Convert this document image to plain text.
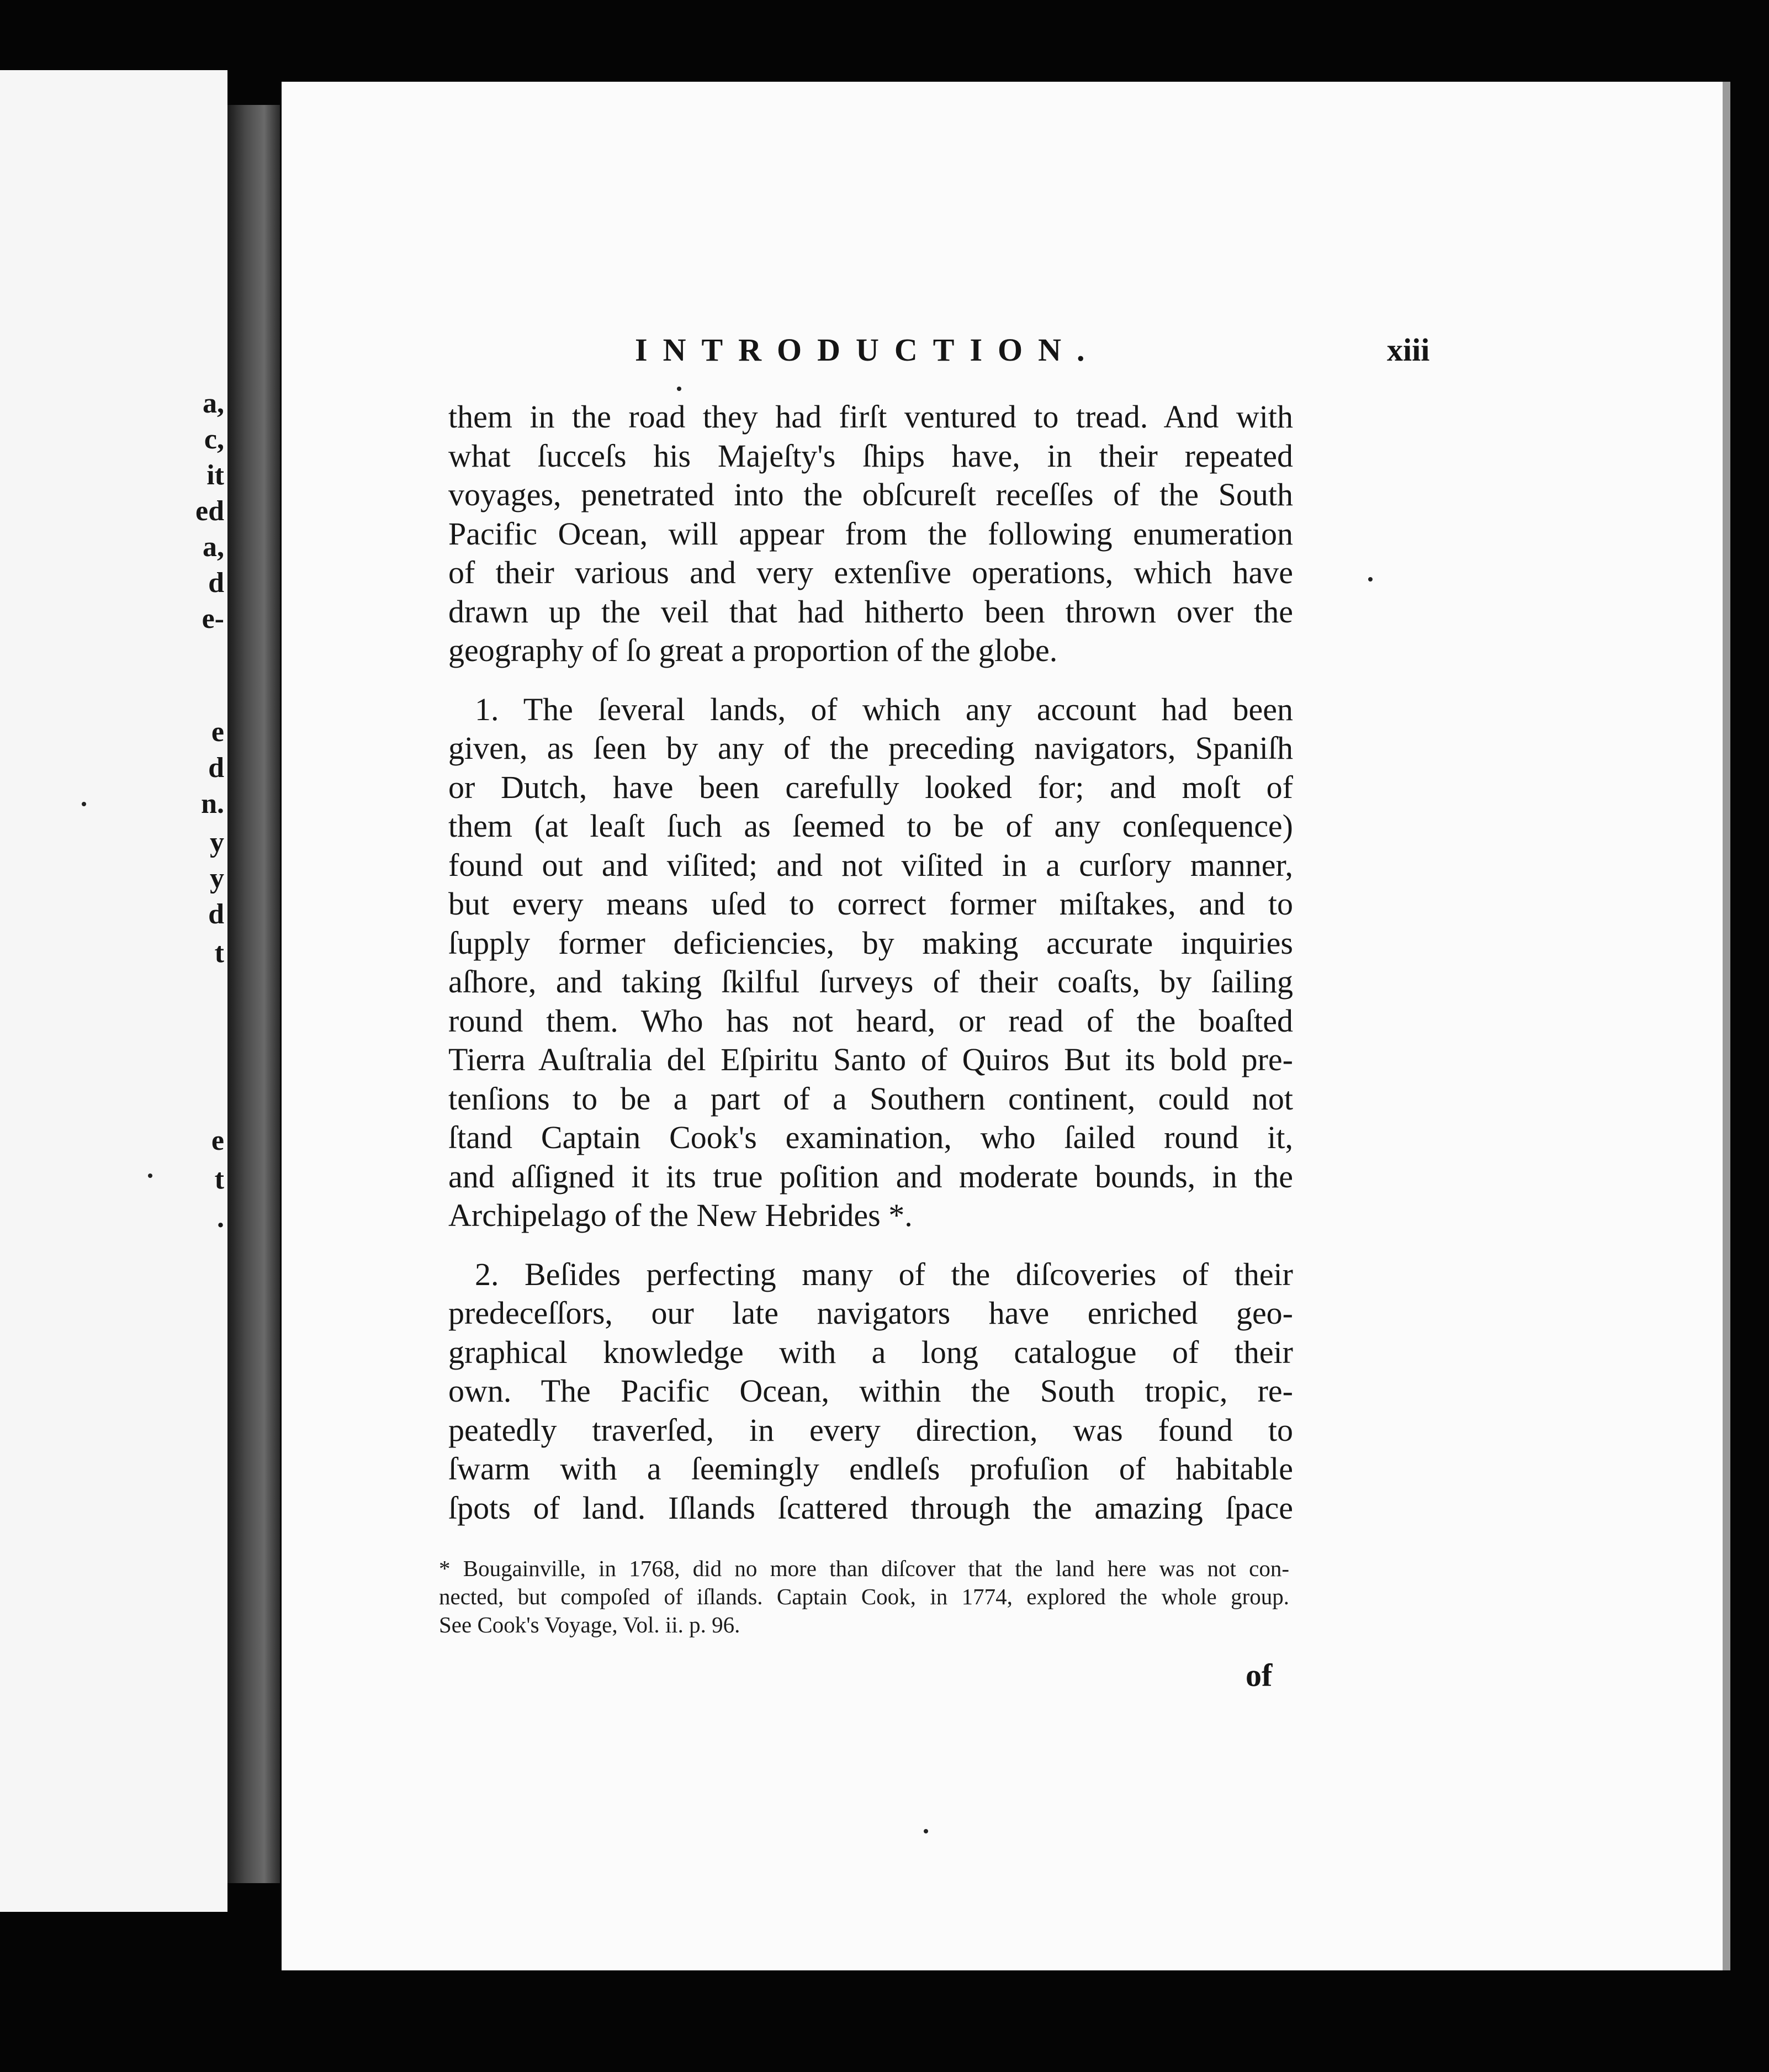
a,
c,
it
ed
a,
d
e-
e
d
n.
y
y
d
t
e
t
.
INTRODUCTION.	xiii

them in the road they had firſt ventured to tread. And with
what ſucceſs his Majeſty's ſhips have, in their repeated
voyages, penetrated into the obſcureſt receſſes of the South
Pacific Ocean, will appear from the following enumeration
of their various and very extenſive operations, which have
drawn up the veil that had hitherto been thrown over the
geography of ſo great a proportion of the globe.

1. The ſeveral lands, of which any account had been
given, as ſeen by any of the preceding navigators, Spaniſh
or Dutch, have been carefully looked for; and moſt of
them (at leaſt ſuch as ſeemed to be of any conſequence)
found out and viſited; and not viſited in a curſory manner,
but every means uſed to correct former miſtakes, and to
ſupply former deficiencies, by making accurate inquiries
aſhore, and taking ſkilful ſurveys of their coaſts, by ſailing
round them. Who has not heard, or read of the boaſted
Tierra Auſtralia del Eſpiritu Santo of Quiros But its bold pre-
tenſions to be a part of a Southern continent, could not
ſtand Captain Cook's examination, who ſailed round it,
and aſſigned it its true poſition and moderate bounds, in the
Archipelago of the New Hebrides *.

2. Beſides perfecting many of the diſcoveries of their
predeceſſors, our late navigators have enriched geo-
graphical knowledge with a long catalogue of their
own. The Pacific Ocean, within the South tropic, re-
peatedly traverſed, in every direction, was found to
ſwarm with a ſeemingly endleſs profuſion of habitable
ſpots of land. Iſlands ſcattered through the amazing ſpace

* Bougainville, in 1768, did no more than diſcover that the land here was not con-
nected, but compoſed of iſlands. Captain Cook, in 1774, explored the whole group.
See Cook's Voyage, Vol. ii. p. 96.
of
